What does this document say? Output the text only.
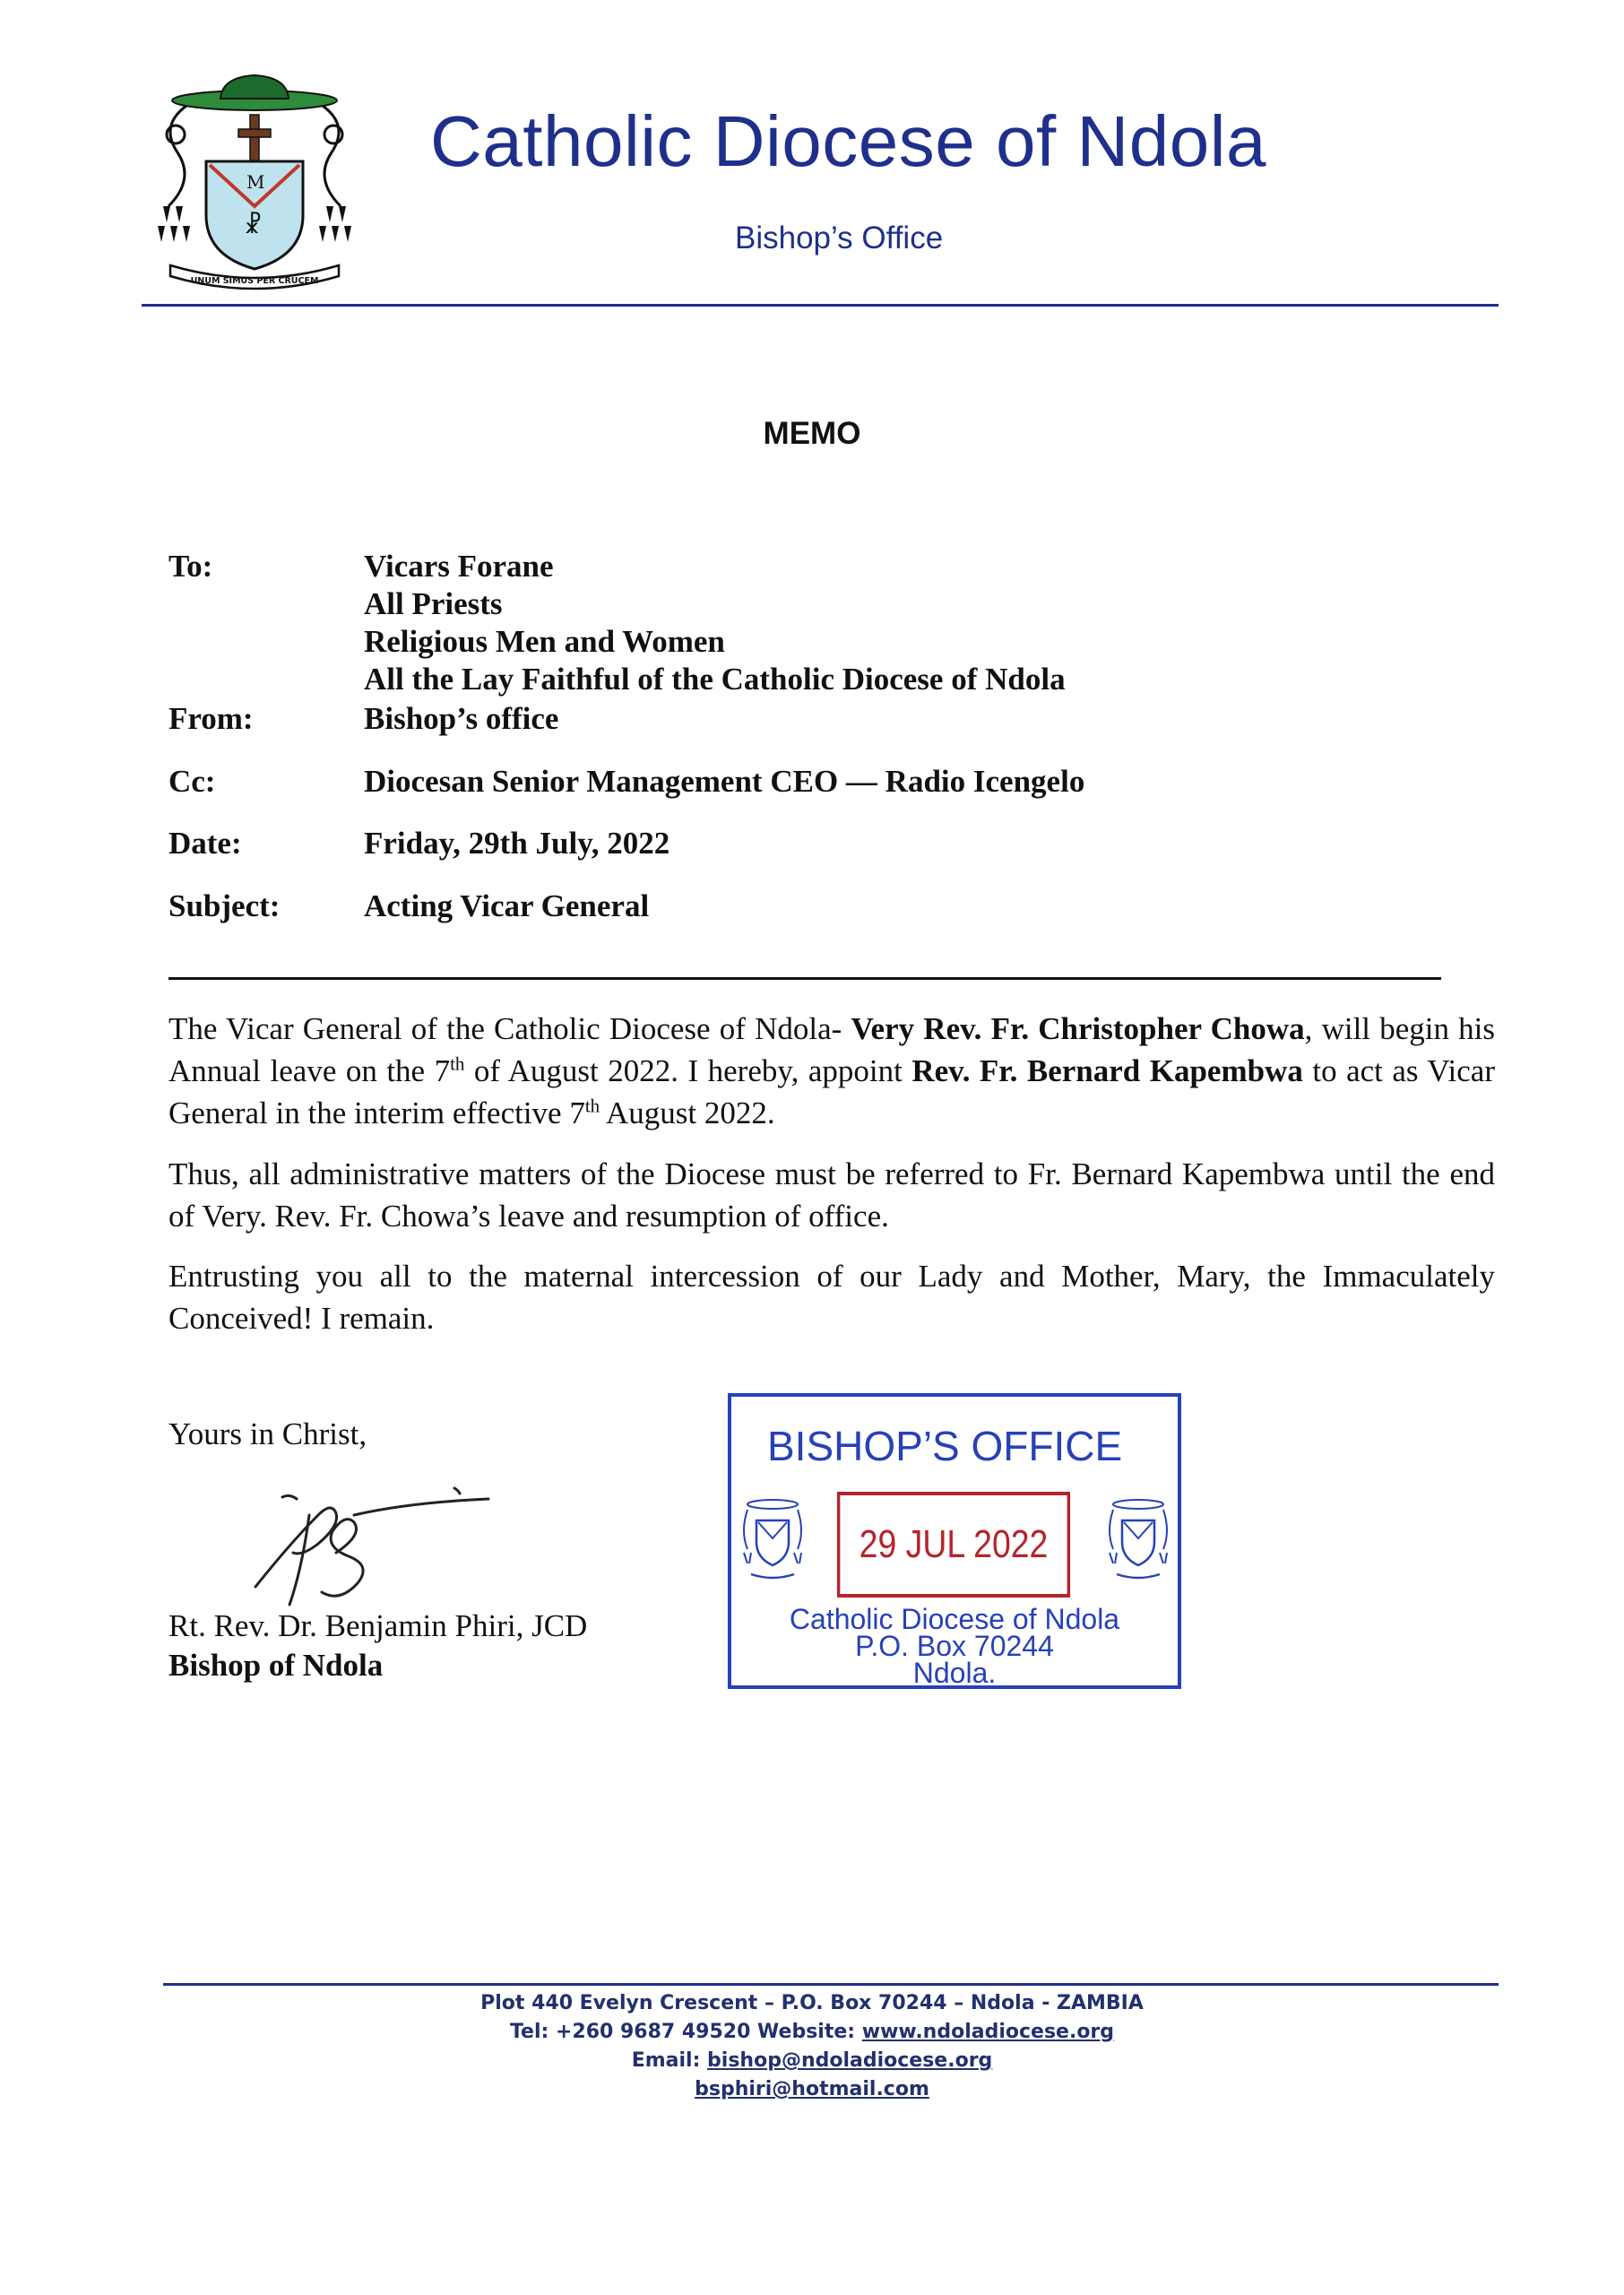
M
☧
UNUM SIMUS PER CRUCEM
Catholic Diocese of Ndola
Bishop’s Office
MEMO
To:	Vicars Forane
All Priests
Religious Men and Women
All the Lay Faithful of the Catholic Diocese of Ndola
From:	Bishop’s office
Cc:	Diocesan Senior Management CEO — Radio Icengelo
Date:	Friday, 29th July, 2022
Subject:	Acting Vicar General
The Vicar General of the Catholic Diocese of Ndola- Very Rev. Fr. Christopher Chowa, will begin his Annual leave on the 7th of August 2022. I hereby, appoint Rev. Fr. Bernard Kapembwa to act as Vicar General in the interim effective 7th August 2022.
Thus, all administrative matters of the Diocese must be referred to Fr. Bernard Kapembwa until the end of Very. Rev. Fr. Chowa’s leave and resumption of office.
Entrusting you all to the maternal intercession of our Lady and Mother, Mary, the Immaculately Conceived! I remain.
Yours in Christ,
Rt. Rev. Dr. Benjamin Phiri, JCD
Bishop of Ndola
BISHOP’S OFFICE
29 JUL 2022
Catholic Diocese of Ndola
P.O. Box 70244
Ndola.
Plot 440 Evelyn Crescent – P.O. Box 70244 – Ndola - ZAMBIA
Tel: +260 9687 49520 Website: www.ndoladiocese.org
Email: bishop@ndoladiocese.org
bsphiri@hotmail.com
